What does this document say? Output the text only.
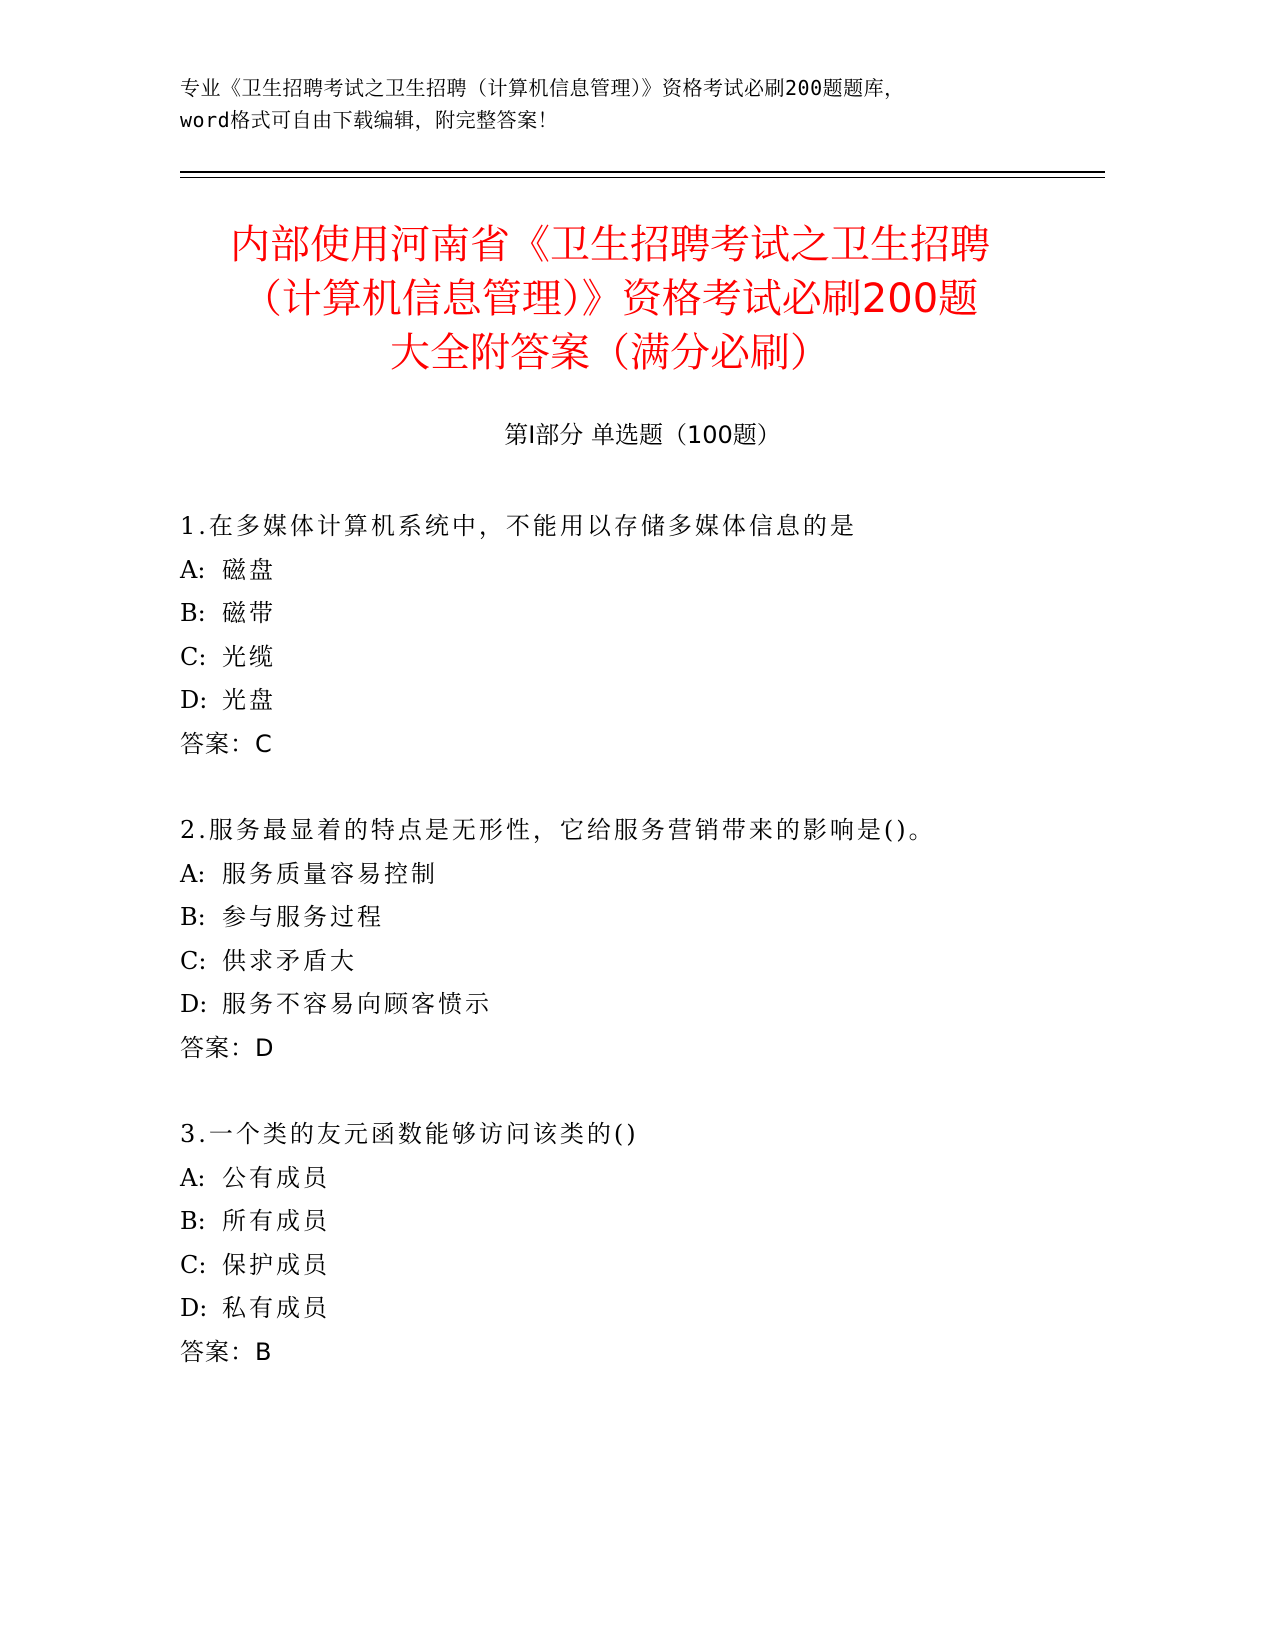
专业《卫生招聘考试之卫生招聘（计算机信息管理）》资格考试必刷200题题库，
word格式可自由下载编辑，附完整答案！
内部使用河南省《卫生招聘考试之卫生招聘
（计算机信息管理）》资格考试必刷200题
大全附答案（满分必刷）
第Ⅰ部分 单选题（100题）
1.在多媒体计算机系统中，不能用以存储多媒体信息的是
A: 磁盘
B: 磁带
C: 光缆
D: 光盘
答案：C
2.服务最显着的特点是无形性，它给服务营销带来的影响是()。
A: 服务质量容易控制
B: 参与服务过程
C: 供求矛盾大
D: 服务不容易向顾客愤示
答案：D
3.一个类的友元函数能够访问该类的()
A: 公有成员
B: 所有成员
C: 保护成员
D: 私有成员
答案：B
